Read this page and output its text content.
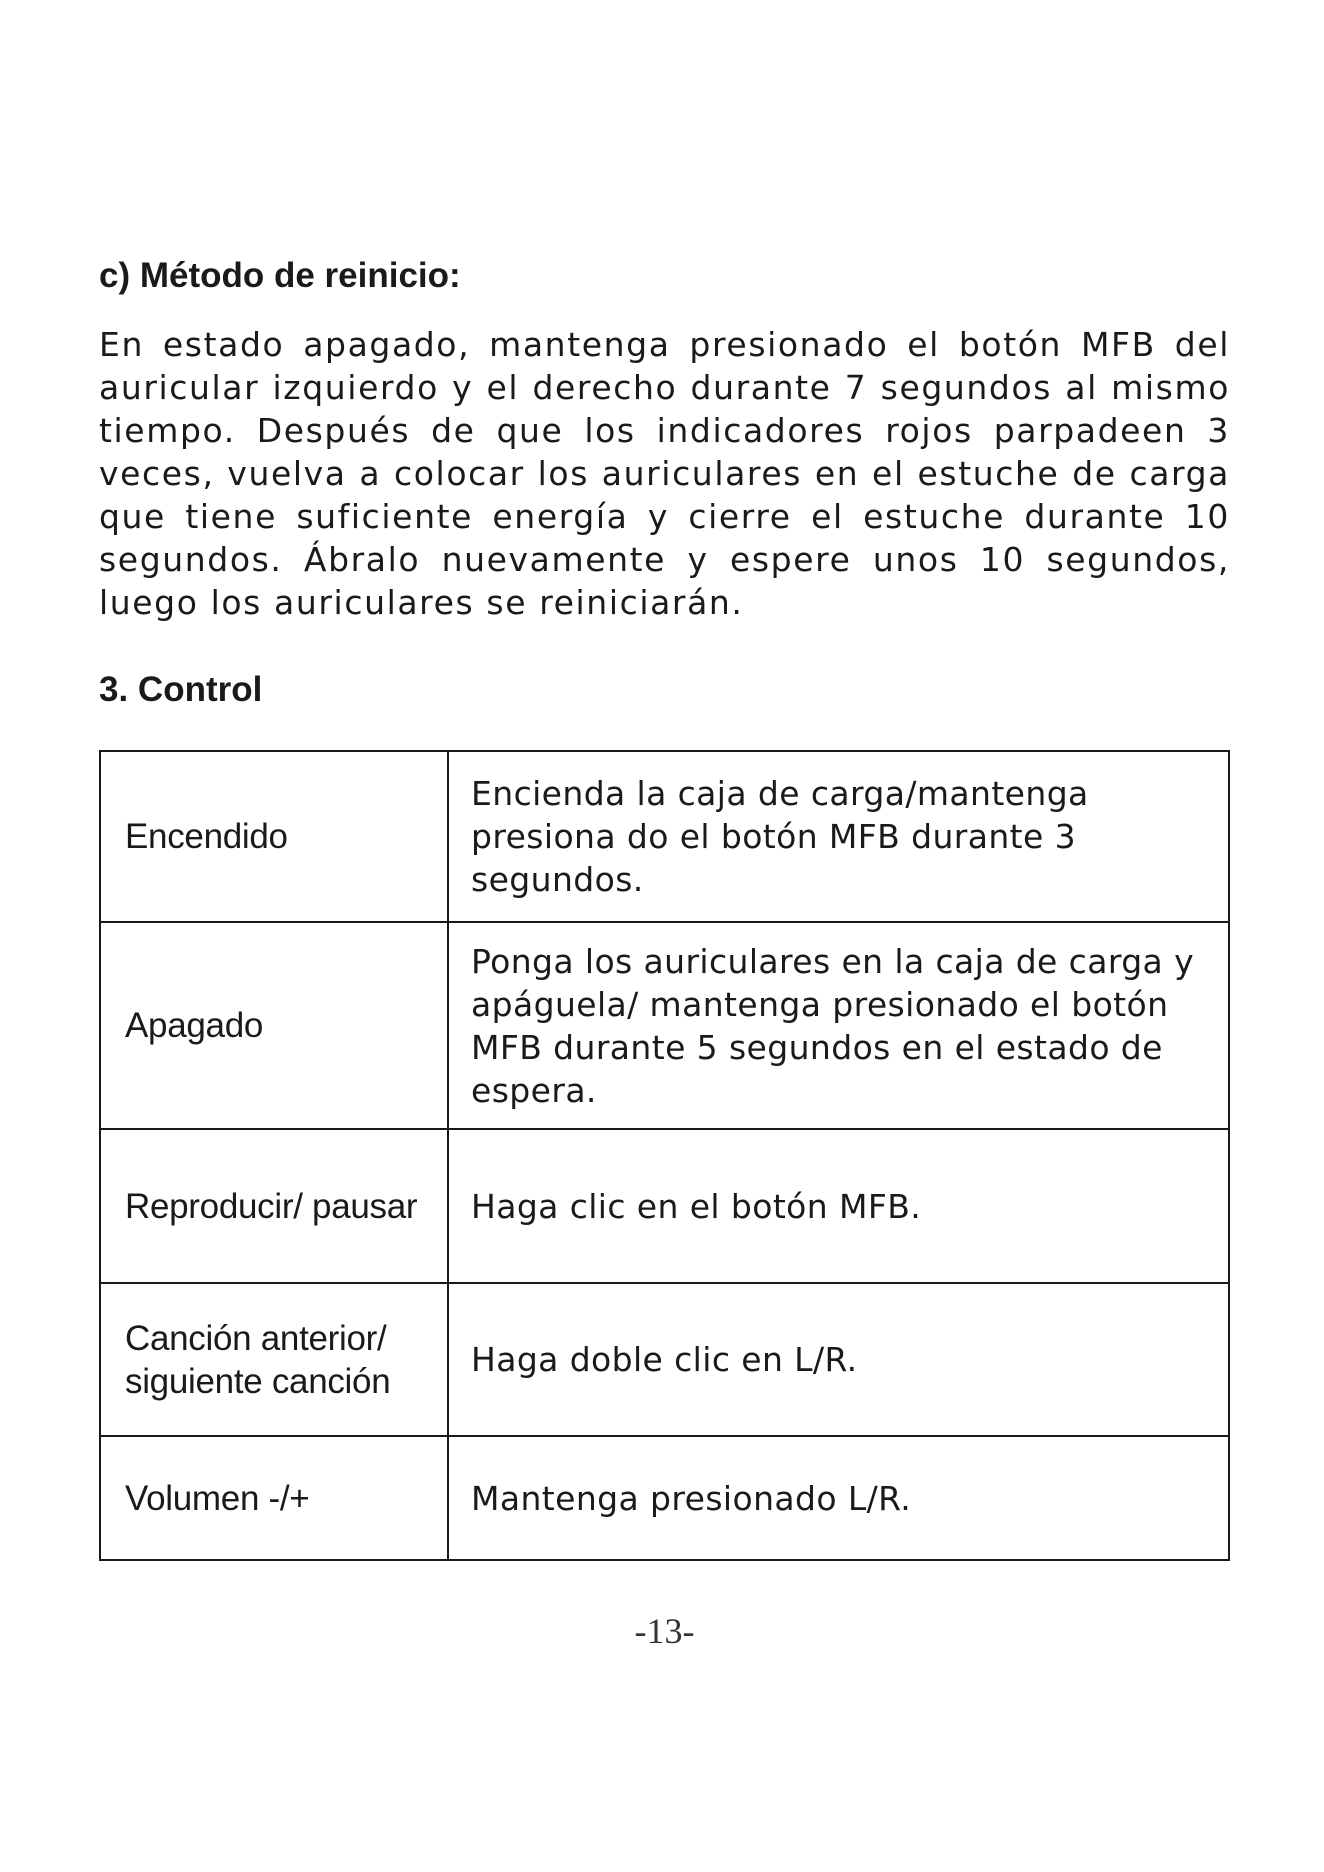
c) Método de reinicio:

En estado apagado, mantenga presionado el botón MFB del auricular izquierdo y el derecho durante 7 segundos al mismo tiempo. Después de que los indicadores rojos parpadeen 3 veces, vuelva a colocar los auriculares en el estuche de carga que tiene suficiente energía y cierre el estuche durante 10 segundos. Ábralo nuevamente y espere unos 10 segundos, luego los auriculares se reiniciarán.

3. Control
Encendido	Encienda la caja de carga/mantenga presiona do el botón MFB durante 3 segundos.
Apagado	Ponga los auriculares en la caja de carga y apáguela/ mantenga presionado el botón MFB durante 5 segundos en el estado de espera.
Reproducir/ pausar	Haga clic en el botón MFB.
Canción anterior/ siguiente canción	Haga doble clic en L/R.
Volumen -/+	Mantenga presionado L/R.
-13-
